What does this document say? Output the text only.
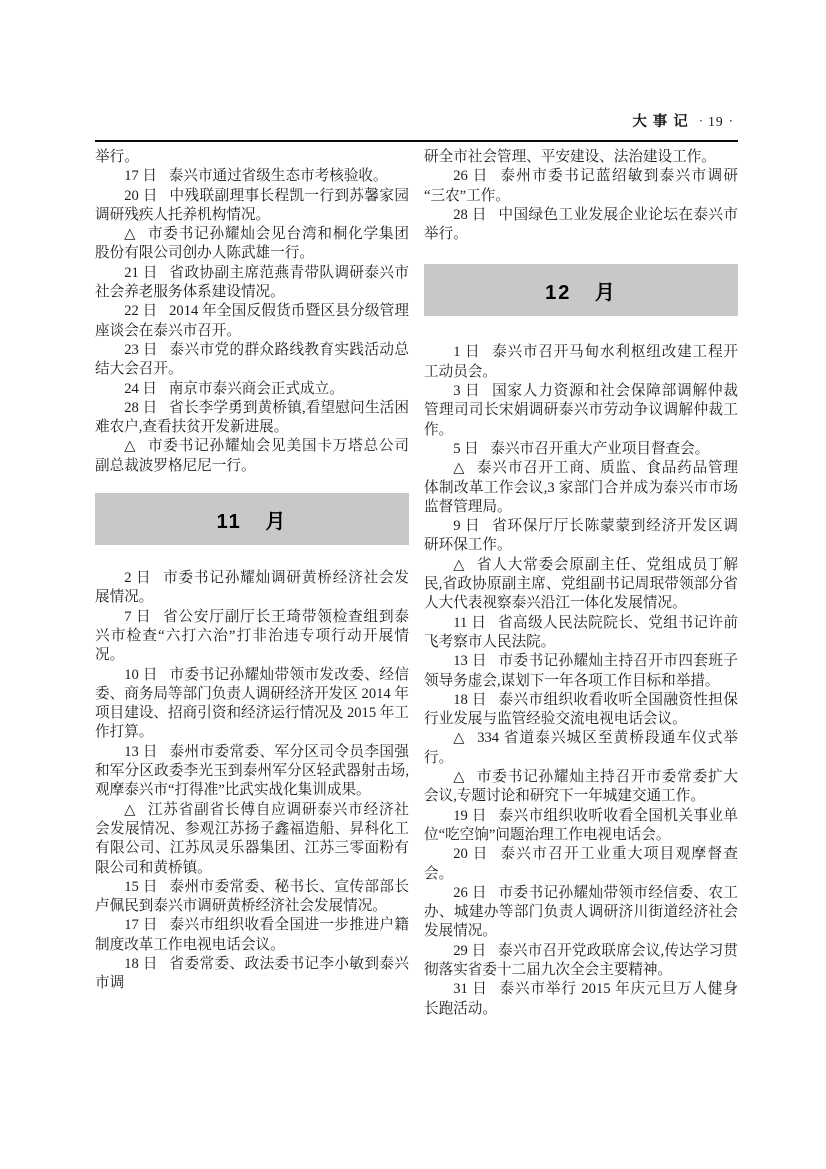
大事记 · 19 ·

举行。

17 日 泰兴市通过省级生态市考核验收。

20 日 中残联副理事长程凯一行到苏馨家园调研残疾人托养机构情况。

△ 市委书记孙耀灿会见台湾和桐化学集团股份有限公司创办人陈武雄一行。

21 日 省政协副主席范燕青带队调研泰兴市社会养老服务体系建设情况。

22 日 2014 年全国反假货币暨区县分级管理座谈会在泰兴市召开。

23 日 泰兴市党的群众路线教育实践活动总结大会召开。

24 日 南京市泰兴商会正式成立。

28 日 省长李学勇到黄桥镇,看望慰问生活困难农户,查看扶贫开发新进展。

△ 市委书记孙耀灿会见美国卡万塔总公司副总裁波罗格尼尼一行。

11 月

2 日 市委书记孙耀灿调研黄桥经济社会发展情况。

7 日 省公安厅副厅长王琦带领检查组到泰兴市检查“六打六治”打非治违专项行动开展情况。

10 日 市委书记孙耀灿带领市发改委、经信委、商务局等部门负责人调研经济开发区 2014 年项目建设、招商引资和经济运行情况及 2015 年工作打算。

13 日 泰州市委常委、军分区司令员李国强和军分区政委李光玉到泰州军分区轻武器射击场,观摩泰兴市“打得准”比武实战化集训成果。

△ 江苏省副省长傅自应调研泰兴市经济社会发展情况、参观江苏扬子鑫福造船、昇科化工有限公司、江苏凤灵乐器集团、江苏三零面粉有限公司和黄桥镇。

15 日 泰州市委常委、秘书长、宣传部部长卢佩民到泰兴市调研黄桥经济社会发展情况。

17 日 泰兴市组织收看全国进一步推进户籍制度改革工作电视电话会议。

18 日 省委常委、政法委书记李小敏到泰兴市调

研全市社会管理、平安建设、法治建设工作。

26 日 泰州市委书记蓝绍敏到泰兴市调研 “三农”工作。

28 日 中国绿色工业发展企业论坛在泰兴市举行。

12 月

1 日 泰兴市召开马甸水利枢纽改建工程开工动员会。

3 日 国家人力资源和社会保障部调解仲裁管理司司长宋娟调研泰兴市劳动争议调解仲裁工作。

5 日 泰兴市召开重大产业项目督查会。

△ 泰兴市召开工商、质监、食品药品管理体制改革工作会议,3 家部门合并成为泰兴市市场监督管理局。

9 日 省环保厅厅长陈蒙蒙到经济开发区调研环保工作。

△ 省人大常委会原副主任、党组成员丁解民,省政协原副主席、党组副书记周珉带领部分省人大代表视察泰兴沿江一体化发展情况。

11 日 省高级人民法院院长、党组书记许前飞考察市人民法院。

13 日 市委书记孙耀灿主持召开市四套班子领导务虚会,谋划下一年各项工作目标和举措。

18 日 泰兴市组织收看收听全国融资性担保行业发展与监管经验交流电视电话会议。

△ 334 省道泰兴城区至黄桥段通车仪式举行。

△ 市委书记孙耀灿主持召开市委常委扩大会议,专题讨论和研究下一年城建交通工作。

19 日 泰兴市组织收听收看全国机关事业单位“吃空饷”问题治理工作电视电话会。

20 日 泰兴市召开工业重大项目观摩督查会。

26 日 市委书记孙耀灿带领市经信委、农工办、城建办等部门负责人调研济川街道经济社会发展情况。

29 日 泰兴市召开党政联席会议,传达学习贯彻落实省委十二届九次全会主要精神。

31 日 泰兴市举行 2015 年庆元旦万人健身长跑活动。
